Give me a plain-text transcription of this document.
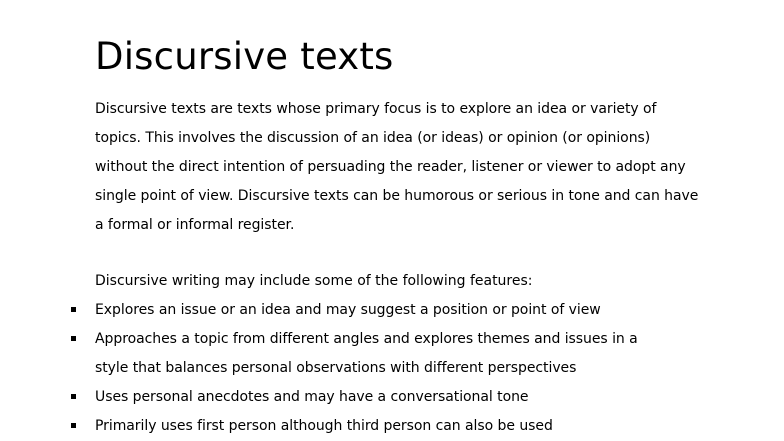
Discursive texts

Discursive texts are texts whose primary focus is to explore an idea or variety of topics. This involves the discussion of an idea (or ideas) or opinion (or opinions) without the direct intention of persuading the reader, listener or viewer to adopt any single point of view. Discursive texts can be humorous or serious in tone and can have a formal or informal register.

Discursive writing may include some of the following features:

Explores an issue or an idea and may suggest a position or point of view
Approaches a topic from different angles and explores themes and issues in a style that balances personal observations with different perspectives
Uses personal anecdotes and may have a conversational tone
Primarily uses first person although third person can also be used
